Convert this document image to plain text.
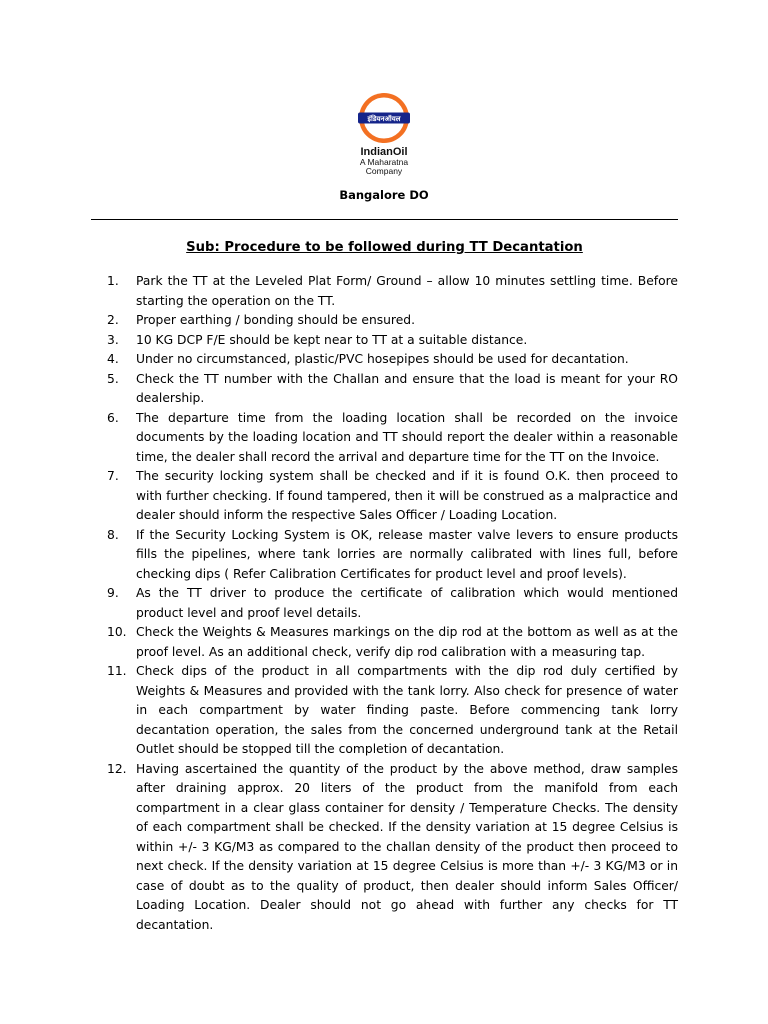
इंडियनऑयल
IndianOil
A Maharatna
Company
Bangalore DO
Sub: Procedure to be followed during TT Decantation
1.	Park the TT at the Leveled Plat Form/ Ground – allow 10 minutes settling time. Before starting the operation on the TT.
2.	Proper earthing / bonding should be ensured.
3.	10 KG DCP F/E should be kept near to TT at a suitable distance.
4.	Under no circumstanced, plastic/PVC hosepipes should be used for decantation.
5.	Check the TT number with the Challan and ensure that the load is meant for your RO dealership.
6.	The departure time from the loading location shall be recorded on the invoice documents by the loading location and TT should report the dealer within a reasonable time, the dealer shall record the arrival and departure time for the TT on the Invoice.
7.	The security locking system shall be checked and if it is found O.K. then proceed to with further checking. If found tampered, then it will be construed as a malpractice and dealer should inform the respective Sales Officer / Loading Location.
8.	If the Security Locking System is OK, release master valve levers to ensure products fills the pipelines, where tank lorries are normally calibrated with lines full, before checking dips ( Refer Calibration Certificates for product level and proof levels).
9.	As the TT driver to produce the certificate of calibration which would mentioned product level and proof level details.
10. Check the Weights & Measures markings on the dip rod at the bottom as well as at the proof level. As an additional check, verify dip rod calibration with a measuring tap.
11. Check dips of the product in all compartments with the dip rod duly certified by Weights & Measures and provided with the tank lorry. Also check for presence of water in each compartment by water finding paste. Before commencing tank lorry decantation operation, the sales from the concerned underground tank at the Retail Outlet should be stopped till the completion of decantation.
12. Having ascertained the quantity of the product by the above method, draw samples after draining approx. 20 liters of the product from the manifold from each compartment in a clear glass container for density / Temperature Checks. The density of each compartment shall be checked. If the density variation at 15 degree Celsius is within +/- 3 KG/M3 as compared to the challan density of the product then proceed to next check. If the density variation at 15 degree Celsius is more than +/- 3 KG/M3 or in case of doubt as to the quality of product, then dealer should inform Sales Officer/ Loading Location. Dealer should not go ahead with further any checks for TT decantation.
